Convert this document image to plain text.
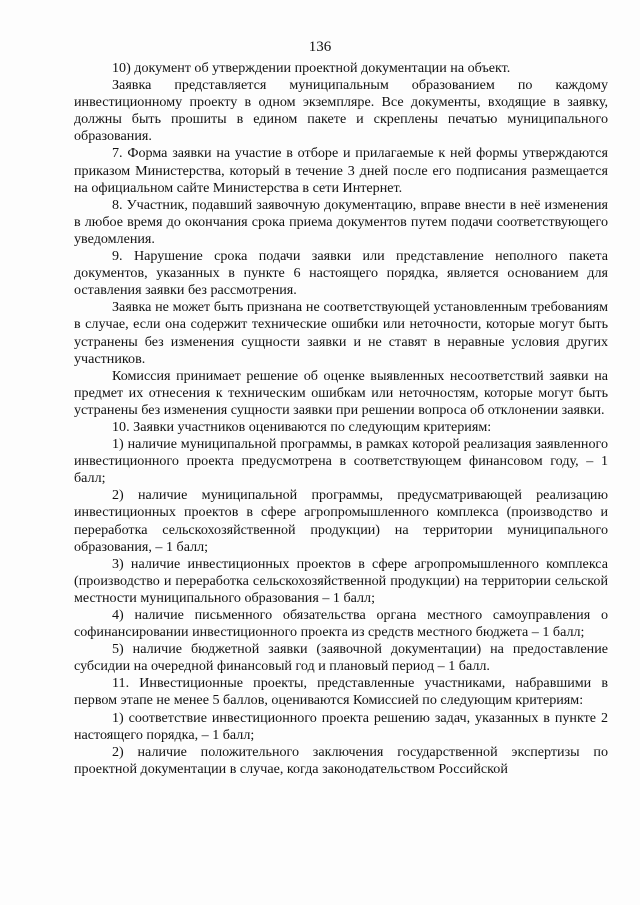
136

10) документ об утверждении проектной документации на объект.

Заявка представляется муниципальным образованием по каждому инвестиционному проекту в одном экземпляре. Все документы, входящие в заявку, должны быть прошиты в едином пакете и скреплены печатью муниципального образования.

7. Форма заявки на участие в отборе и прилагаемые к ней формы утверждаются приказом Министерства, который в течение 3 дней после его подписания размещается на официальном сайте Министерства в сети Интернет.

8. Участник, подавший заявочную документацию, вправе внести в неё изменения в любое время до окончания срока приема документов путем подачи соответствующего уведомления.

9. Нарушение срока подачи заявки или представление неполного пакета документов, указанных в пункте 6 настоящего порядка, является основанием для оставления заявки без рассмотрения.

Заявка не может быть признана не соответствующей установленным требованиям в случае, если она содержит технические ошибки или неточности, которые могут быть устранены без изменения сущности заявки и не ставят в неравные условия других участников.

Комиссия принимает решение об оценке выявленных несоответствий заявки на предмет их отнесения к техническим ошибкам или неточностям, которые могут быть устранены без изменения сущности заявки при решении вопроса об отклонении заявки.

10. Заявки участников оцениваются по следующим критериям:

1) наличие муниципальной программы, в рамках которой реализация заявленного инвестиционного проекта предусмотрена в соответствующем финансовом году, – 1 балл;

2) наличие муниципальной программы, предусматривающей реализацию инвестиционных проектов в сфере агропромышленного комплекса (производство и переработка сельскохозяйственной продукции) на территории муниципального образования, – 1 балл;

3) наличие инвестиционных проектов в сфере агропромышленного комплекса (производство и переработка сельскохозяйственной продукции) на территории сельской местности муниципального образования – 1 балл;

4) наличие письменного обязательства органа местного самоуправления о софинансировании инвестиционного проекта из средств местного бюджета – 1 балл;

5) наличие бюджетной заявки (заявочной документации) на предоставление субсидии на очередной финансовый год и плановый период – 1 балл.

11. Инвестиционные проекты, представленные участниками, набравшими в первом этапе не менее 5 баллов, оцениваются Комиссией по следующим критериям:

1) соответствие инвестиционного проекта решению задач, указанных в пункте 2 настоящего порядка, – 1 балл;

2) наличие положительного заключения государственной экспертизы по проектной документации в случае, когда законодательством Российской
